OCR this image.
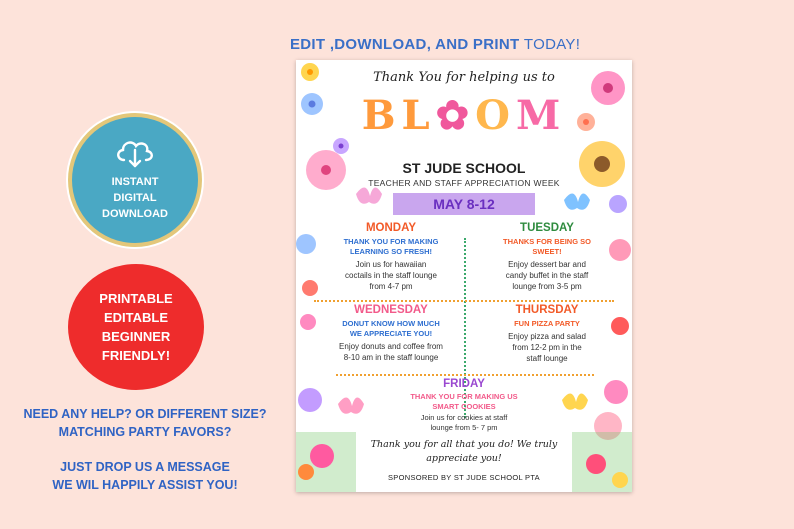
EDIT ,DOWNLOAD, AND PRINT TODAY!
INSTANT
DIGITAL
DOWNLOAD
PRINTABLE
EDITABLE
BEGINNER
FRIENDLY!
NEED ANY HELP? OR DIFFERENT SIZE?
MATCHING PARTY FAVORS?
JUST DROP US A MESSAGE
WE WIL HAPPILY ASSIST YOU!
Thank You for helping us to
BL✿OM
ST JUDE SCHOOL
TEACHER AND STAFF APPRECIATION WEEK
MAY 8-12
MONDAY
THANK YOU FOR MAKING
LEARNING SO FRESH!
Join us for hawaiian
coctails in the staff lounge
from 4-7 pm
TUESDAY
THANKS FOR BEING SO
SWEET!
Enjoy dessert bar and
candy buffet in the staff
lounge from 3-5 pm
WEDNESDAY
DONUT KNOW HOW MUCH
WE APPRECIATE YOU!
Enjoy donuts and coffee from
8-10 am in the staff lounge
THURSDAY
FUN PIZZA PARTY
Enjoy pizza and salad
from 12-2 pm in the
staff lounge
FRIDAY
THANK YOU FOR MAKING US
SMART COOKIES
Join us for cookies at staff
lounge from 5- 7 pm
Thank you for all that you do! We truly
appreciate you!
SPONSORED BY ST JUDE SCHOOL PTA
